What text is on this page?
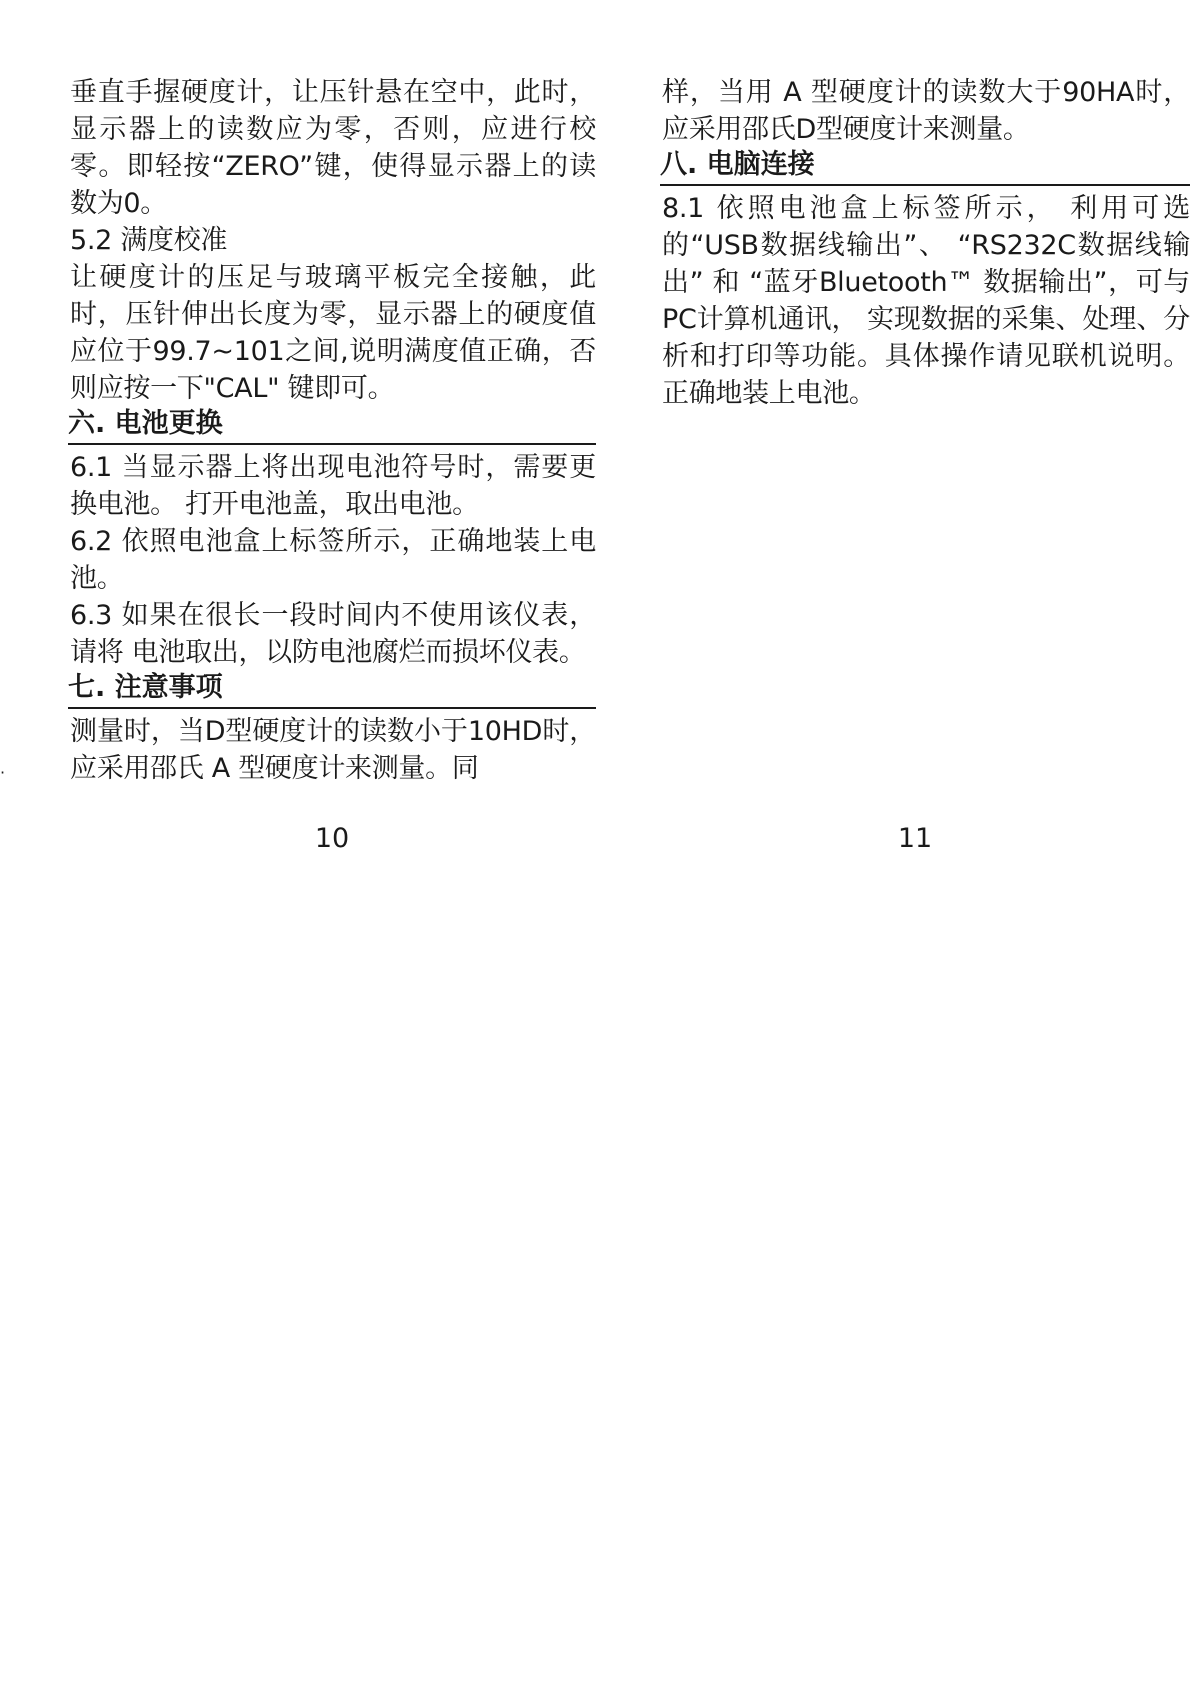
垂直手握硬度计，让压针悬在空中，此时，显示器上的读数应为零，否则，应进行校零。即轻按“ZERO”键，使得显示器上的读数为0。

5.2 满度校准

让硬度计的压足与玻璃平板完全接触，此时，压针伸出长度为零，显示器上的硬度值应位于99.7~101之间,说明满度值正确，否则应按一下"CAL" 键即可。

六. 电池更换

6.1 当显示器上将出现电池符号时，需要更换电池。 打开电池盖，取出电池。

6.2 依照电池盒上标签所示，正确地装上电池。

6.3 如果在很长一段时间内不使用该仪表，请将 电池取出，以防电池腐烂而损坏仪表。

七. 注意事项

测量时，当D型硬度计的读数小于10HD时，应采用邵氏 A 型硬度计来测量。同

10

样，当用 A 型硬度计的读数大于90HA时，应采用邵氏D型硬度计来测量。

八. 电脑连接

8.1 依照电池盒上标签所示， 利用可选的“USB数据线输出”、 “RS232C数据线输出” 和 “蓝牙Bluetooth™ 数据输出”，可与PC计算机通讯， 实现数据的采集、处理、分析和打印等功能。具体操作请见联机说明。正确地装上电池。

11
·
